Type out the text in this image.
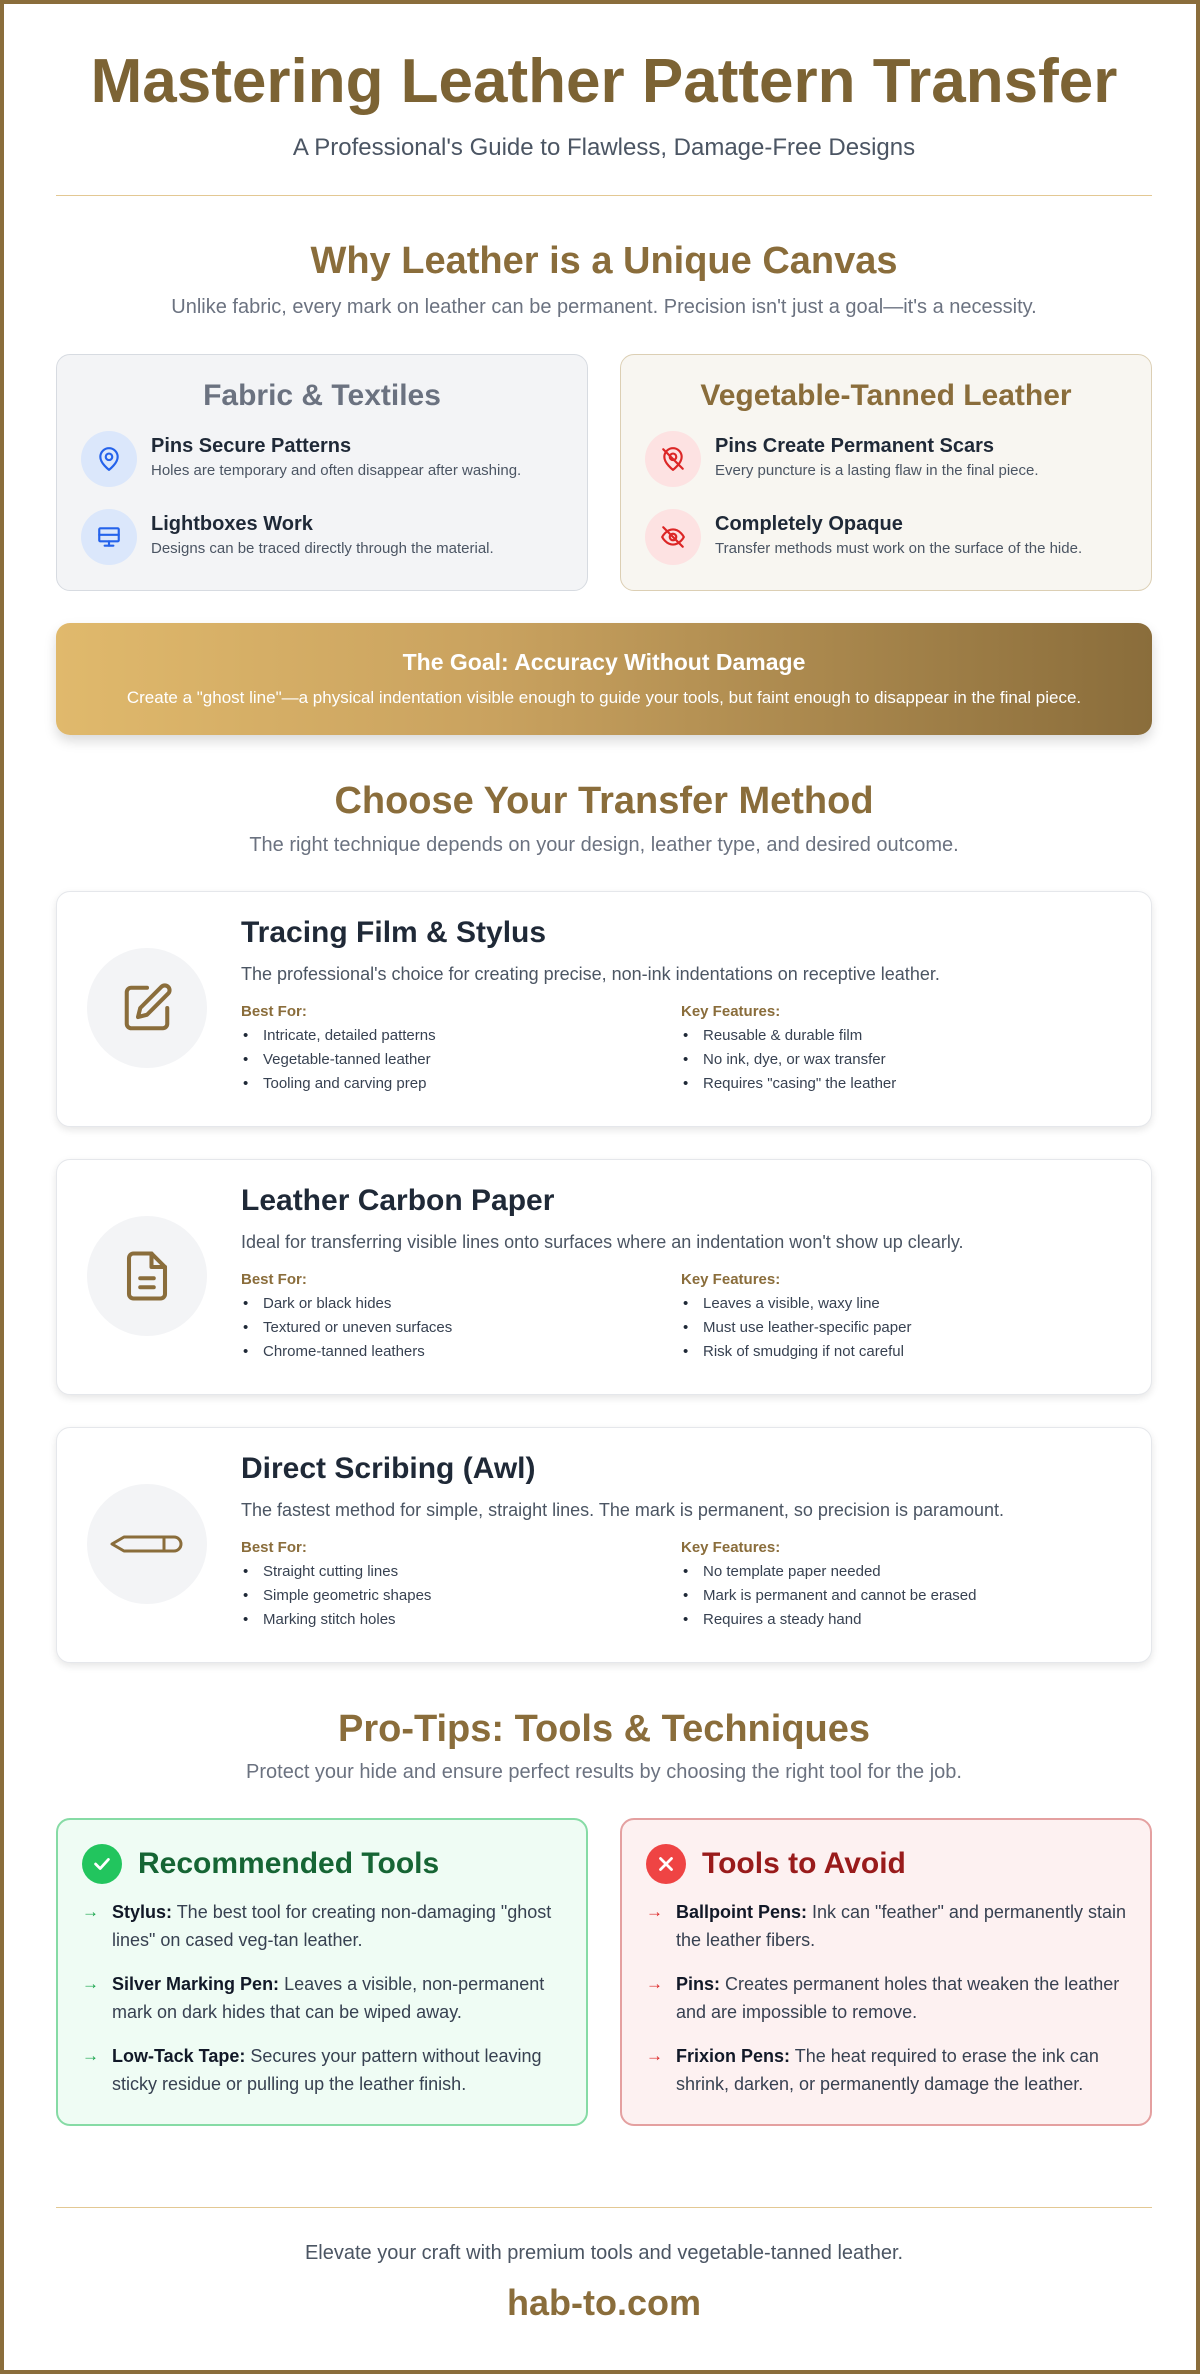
Mastering Leather Pattern Transfer

A Professional's Guide to Flawless, Damage-Free Designs

Why Leather is a Unique Canvas

Unlike fabric, every mark on leather can be permanent. Precision isn't just a goal—it's a necessity.

Fabric & Textiles
Pins Secure Patterns

Holes are temporary and often disappear after washing.

Lightboxes Work

Designs can be traced directly through the material.

Vegetable-Tanned Leather
Pins Create Permanent Scars

Every puncture is a lasting flaw in the final piece.

Completely Opaque

Transfer methods must work on the surface of the hide.

The Goal: Accuracy Without Damage

Create a "ghost line"—a physical indentation visible enough to guide your tools, but faint enough to disappear in the final piece.

Choose Your Transfer Method

The right technique depends on your design, leather type, and desired outcome.

Tracing Film & Stylus

The professional's choice for creating precise, non-ink indentations on receptive leather.

Best For:
• Intricate, detailed patterns
• Vegetable-tanned leather
• Tooling and carving prep
Key Features:
• Reusable & durable film
• No ink, dye, or wax transfer
• Requires "casing" the leather
Leather Carbon Paper

Ideal for transferring visible lines onto surfaces where an indentation won't show up clearly.

Best For:
• Dark or black hides
• Textured or uneven surfaces
• Chrome-tanned leathers
Key Features:
• Leaves a visible, waxy line
• Must use leather-specific paper
• Risk of smudging if not careful
Direct Scribing (Awl)

The fastest method for simple, straight lines. The mark is permanent, so precision is paramount.

Best For:
• Straight cutting lines
• Simple geometric shapes
• Marking stitch holes
Key Features:
• No template paper needed
• Mark is permanent and cannot be erased
• Requires a steady hand
Pro-Tips: Tools & Techniques

Protect your hide and ensure perfect results by choosing the right tool for the job.

Recommended Tools
→ Stylus: The best tool for creating non-damaging "ghost lines" on cased veg-tan leather.

→ Silver Marking Pen: Leaves a visible, non-permanent mark on dark hides that can be wiped away.

→ Low-Tack Tape: Secures your pattern without leaving sticky residue or pulling up the leather finish.

Tools to Avoid
→ Ballpoint Pens: Ink can "feather" and permanently stain the leather fibers.

→ Pins: Creates permanent holes that weaken the leather and are impossible to remove.

→ Frixion Pens: The heat required to erase the ink can shrink, darken, or permanently damage the leather.

Elevate your craft with premium tools and vegetable-tanned leather.

hab-to.com
